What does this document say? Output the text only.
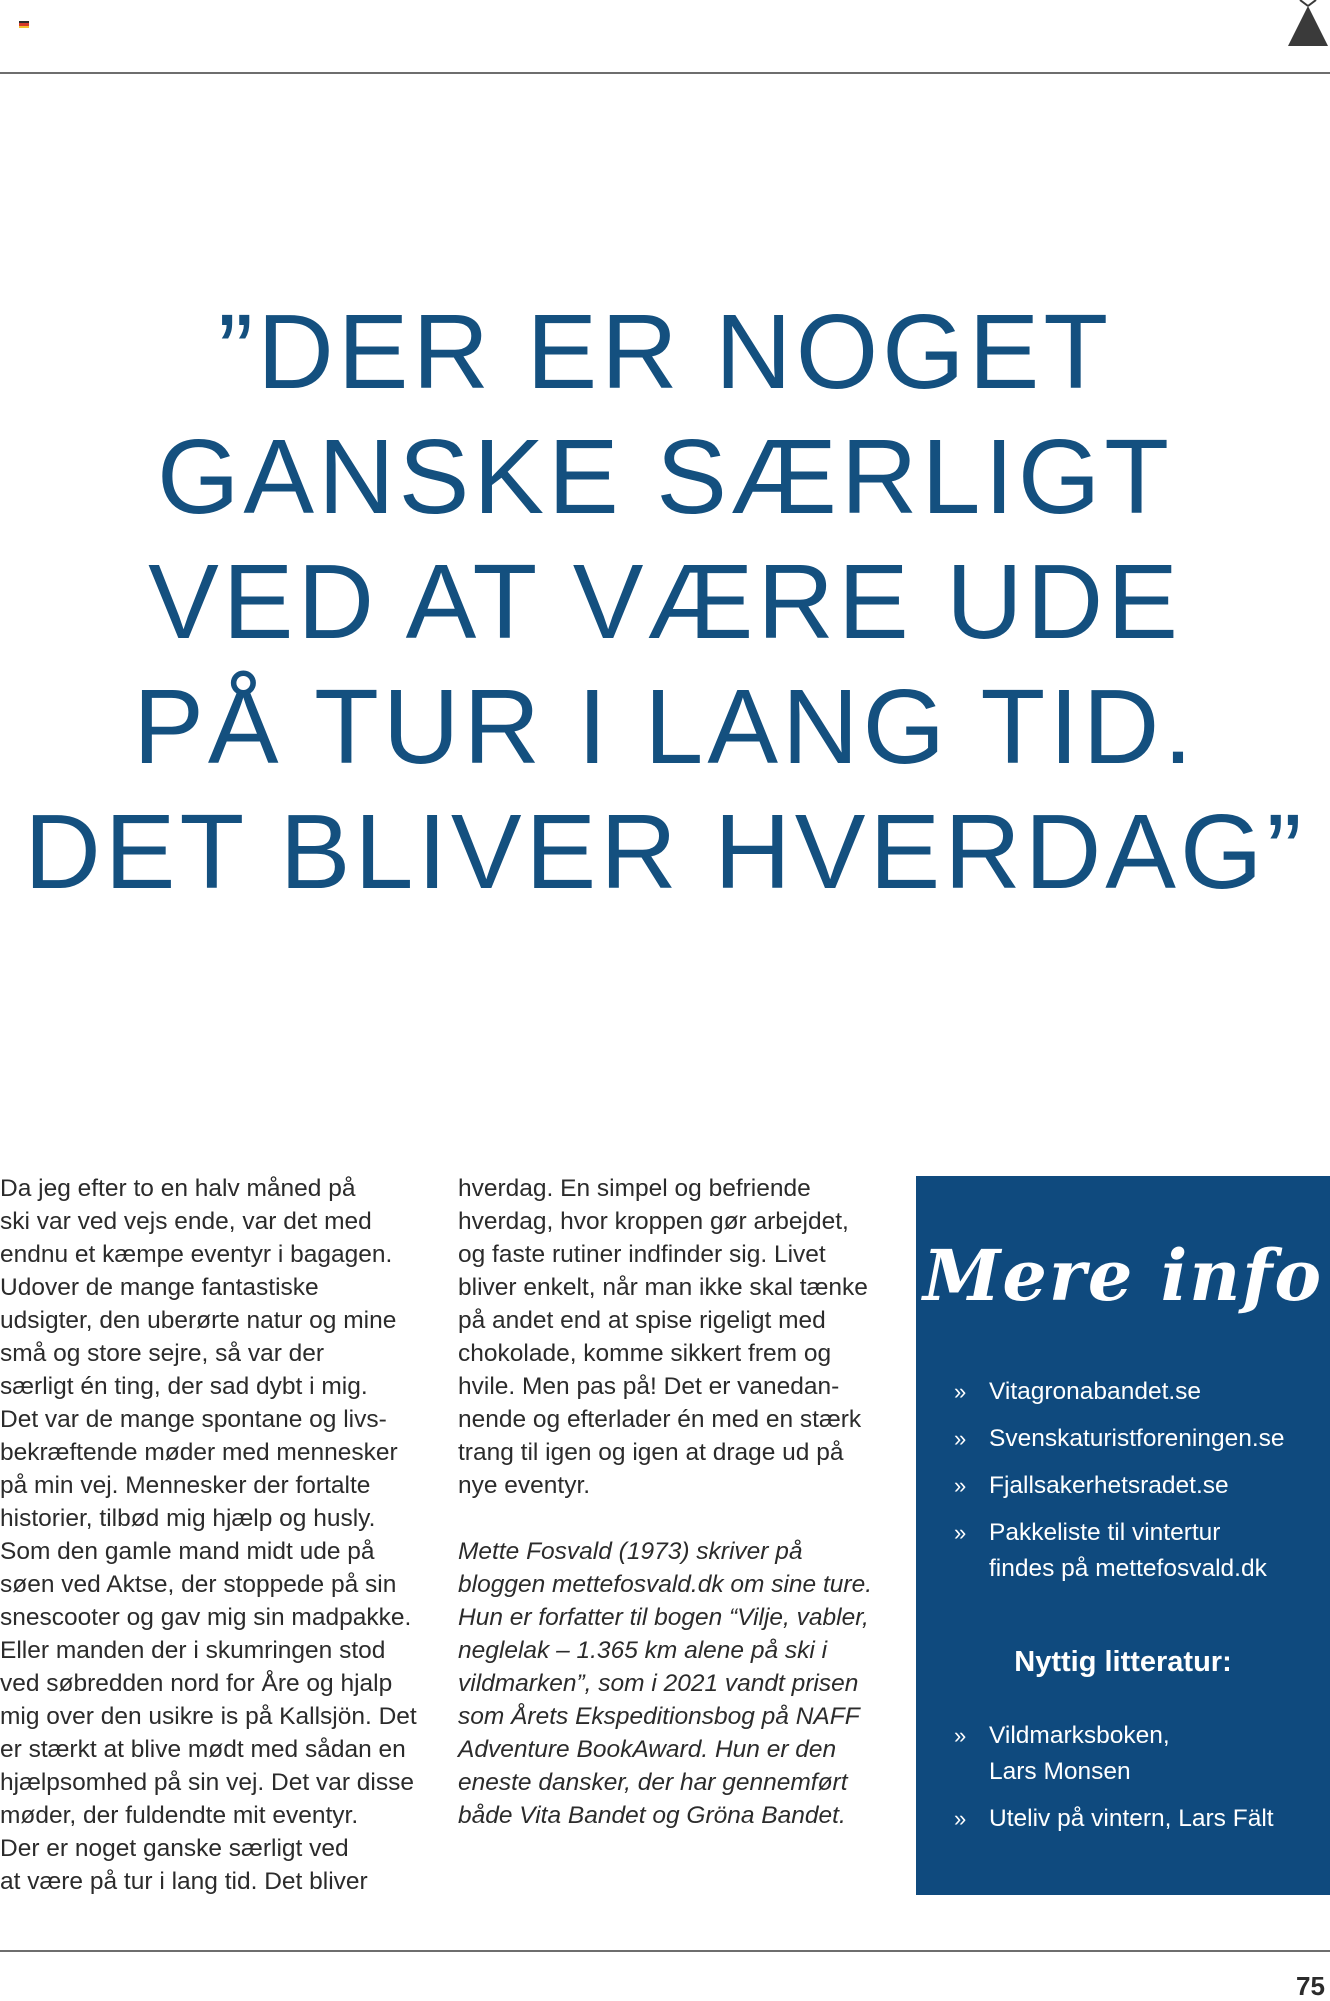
”DER ER NOGET
GANSKE SÆRLIGT
VED AT VÆRE UDE
PÅ TUR I LANG TID.
DET BLIVER HVERDAG”
Da jeg efter to en halv måned på
ski var ved vejs ende, var det med
endnu et kæmpe eventyr i bagagen.
Udover de mange fantastiske
udsigter, den uberørte natur og mine
små og store sejre, så var der
særligt én ting, der sad dybt i mig.
Det var de mange spontane og livs-
bekræftende møder med mennesker
på min vej. Mennesker der fortalte
historier, tilbød mig hjælp og husly.
Som den gamle mand midt ude på
søen ved Aktse, der stoppede på sin
snescooter og gav mig sin madpakke.
Eller manden der i skumringen stod
ved søbredden nord for Åre og hjalp
mig over den usikre is på Kallsjön. Det
er stærkt at blive mødt med sådan en
hjælpsomhed på sin vej. Det var disse
møder, der fuldendte mit eventyr.
Der er noget ganske særligt ved
at være på tur i lang tid. Det bliver
hverdag. En simpel og befriende
hverdag, hvor kroppen gør arbejdet,
og faste rutiner indfinder sig. Livet
bliver enkelt, når man ikke skal tænke
på andet end at spise rigeligt med
chokolade, komme sikkert frem og
hvile. Men pas på! Det er vanedan-
nende og efterlader én med en stærk
trang til igen og igen at drage ud på
nye eventyr.
Mette Fosvald (1973) skriver på
bloggen mettefosvald.dk om sine ture.
Hun er forfatter til bogen “Vilje, vabler,
neglelak – 1.365 km alene på ski i
vildmarken”, som i 2021 vandt prisen
som Årets Ekspeditionsbog på NAFF
Adventure BookAward. Hun er den
eneste dansker, der har gennemført
både Vita Bandet og Gröna Bandet.
Mere info
» Vitagronabandet.se
» Svenskaturistforeningen.se
» Fjallsakerhetsradet.se
» Pakkeliste til vintertur
findes på mettefosvald.dk
Nyttig litteratur:
» Vildmarksboken,
Lars Monsen
» Uteliv på vintern, Lars Fält
75
